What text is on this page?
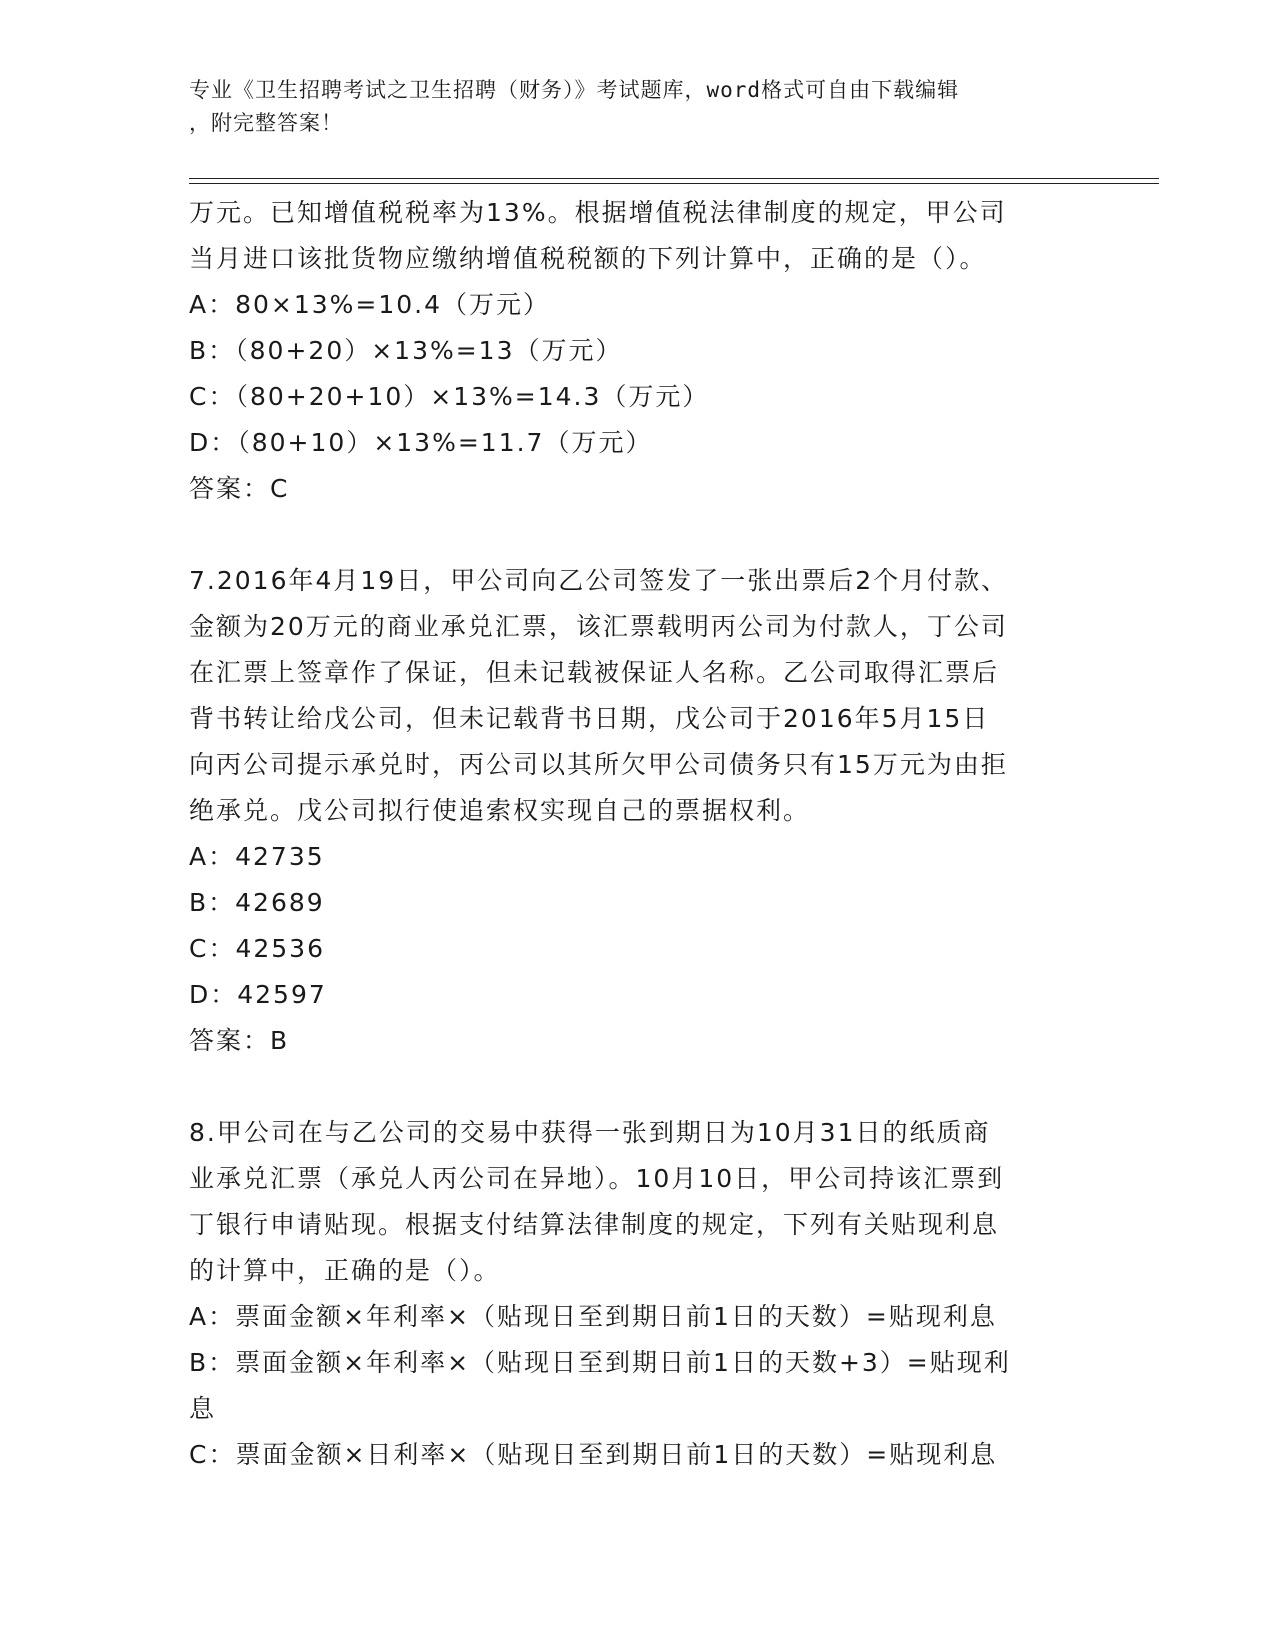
专业《卫生招聘考试之卫生招聘（财务）》考试题库，word格式可自由下载编辑
，附完整答案！
万元。已知增值税税率为13%。根据增值税法律制度的规定，甲公司
当月进口该批货物应缴纳增值税税额的下列计算中，正确的是（）。
A：80×13%=10.4（万元）
B：（80+20）×13%=13（万元）
C：（80+20+10）×13%=14.3（万元）
D：（80+10）×13%=11.7（万元）
答案：C
7.2016年4月19日，甲公司向乙公司签发了一张出票后2个月付款、
金额为20万元的商业承兑汇票，该汇票载明丙公司为付款人，丁公司
在汇票上签章作了保证，但未记载被保证人名称。乙公司取得汇票后
背书转让给戊公司，但未记载背书日期，戊公司于2016年5月15日
向丙公司提示承兑时，丙公司以其所欠甲公司债务只有15万元为由拒
绝承兑。戊公司拟行使追索权实现自己的票据权利。
A：42735
B：42689
C：42536
D：42597
答案：B
8.甲公司在与乙公司的交易中获得一张到期日为10月31日的纸质商
业承兑汇票（承兑人丙公司在异地）。10月10日，甲公司持该汇票到
丁银行申请贴现。根据支付结算法律制度的规定，下列有关贴现利息
的计算中，正确的是（）。
A：票面金额×年利率×（贴现日至到期日前1日的天数）=贴现利息
B：票面金额×年利率×（贴现日至到期日前1日的天数+3）=贴现利
息
C：票面金额×日利率×（贴现日至到期日前1日的天数）=贴现利息
